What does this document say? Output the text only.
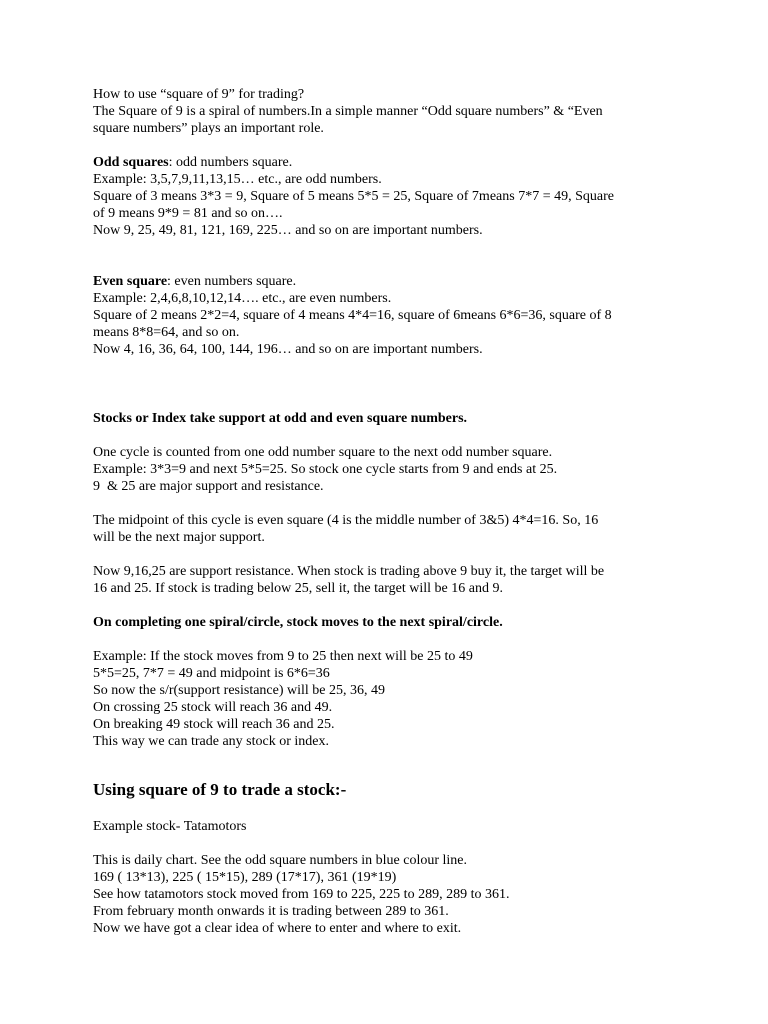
How to use “square of 9” for trading?
The Square of 9 is a spiral of numbers.In a simple manner “Odd square numbers” & “Even
square numbers” plays an important role.
Odd squares: odd numbers square.
Example: 3,5,7,9,11,13,15… etc., are odd numbers.
Square of 3 means 3*3 = 9, Square of 5 means 5*5 = 25, Square of 7means 7*7 = 49, Square
of 9 means 9*9 = 81 and so on….
Now 9, 25, 49, 81, 121, 169, 225… and so on are important numbers.
Even square: even numbers square.
Example: 2,4,6,8,10,12,14…. etc., are even numbers.
Square of 2 means 2*2=4, square of 4 means 4*4=16, square of 6means 6*6=36, square of 8
means 8*8=64, and so on.
Now 4, 16, 36, 64, 100, 144, 196… and so on are important numbers.

Stocks or Index take support at odd and even square numbers.

One cycle is counted from one odd number square to the next odd number square.
Example: 3*3=9 and next 5*5=25. So stock one cycle starts from 9 and ends at 25.
9  & 25 are major support and resistance.
The midpoint of this cycle is even square (4 is the middle number of 3&5) 4*4=16. So, 16
will be the next major support.
Now 9,16,25 are support resistance. When stock is trading above 9 buy it, the target will be
16 and 25. If stock is trading below 25, sell it, the target will be 16 and 9.

On completing one spiral/circle, stock moves to the next spiral/circle.

Example: If the stock moves from 9 to 25 then next will be 25 to 49
5*5=25, 7*7 = 49 and midpoint is 6*6=36
So now the s/r(support resistance) will be 25, 36, 49
On crossing 25 stock will reach 36 and 49.
On breaking 49 stock will reach 36 and 25.
This way we can trade any stock or index.

Using square of 9 to trade a stock:-

Example stock- Tatamotors

This is daily chart. See the odd square numbers in blue colour line.
169 ( 13*13), 225 ( 15*15), 289 (17*17), 361 (19*19)
See how tatamotors stock moved from 169 to 225, 225 to 289, 289 to 361.
From february month onwards it is trading between 289 to 361.
Now we have got a clear idea of where to enter and where to exit.
